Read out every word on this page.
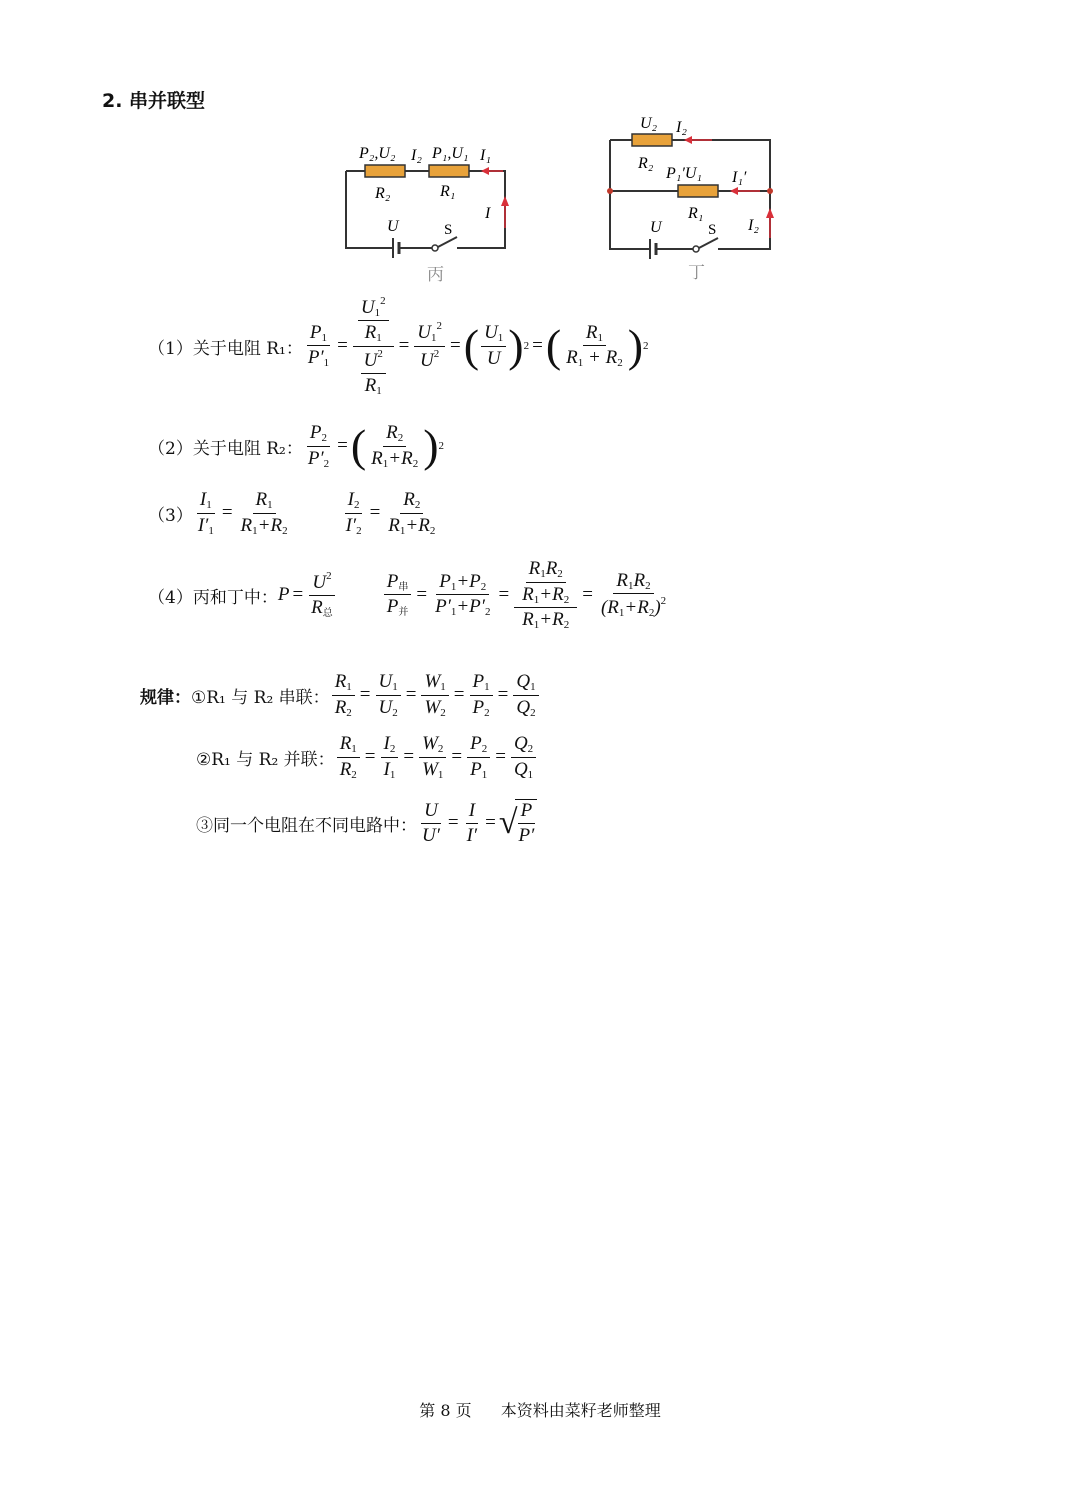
2. 串并联型
P₂,U₂ I₂ P₁,U₁ I₁
R₂	R₁
U	S
I
丙
U₂ I₂
R₂
P₁′U₁ I₁′
R₁
U	S I₂
丁
（1）关于电阻 R₁： $\frac{P_1}{P'_1} = \frac{\frac{U_1^2}{R_1}}{\frac{U^2}{R_1}} = \frac{U_1^2}{U^2}$ = ( $\frac{U_1}{U}$ ) 2 = ( $\frac{R_1}{R_1 + R_2}$ ) 2
（2）关于电阻 R₂： $\frac{P_2}{P'_2}$ = ( $\frac{R_2}{R_1+R_2}$ ) 2
$(3) \frac{I_1}{I'_1} = \frac{R_1}{R_1+R_2}$	$\frac{I_2}{I'_2} = \frac{R_2}{R_1+R_2}$
（4）丙和丁中： $P = \frac{U^2}{R_总}$	$\frac{P_串}{P_并} = \frac{P_1+P_2}{P'_1+P'_2} = \frac{\frac{R_1R_2}{R_1+R_2}}{R_1+R_2} = \frac{R_1R_2}{(R_1+R_2)^2}$
规律： ①R₁ 与 R₂ 串联： $\frac{R_1}{R_2} = \frac{U_1}{U_2} = \frac{W_1}{W_2} = \frac{P_1}{P_2} = \frac{Q_1}{Q_2}$
②R₁ 与 R₂ 并联： $\frac{R_1}{R_2} = \frac{I_2}{I_1} = \frac{W_2}{W_1} = \frac{P_2}{P_1} = \frac{Q_2}{Q_1}$
③同一个电阻在不同电路中： $\frac{U}{U'} = \frac{I}{I'}$ = √
$\frac{P}{P'}$
第 8 页 本资料由菜籽老师整理
